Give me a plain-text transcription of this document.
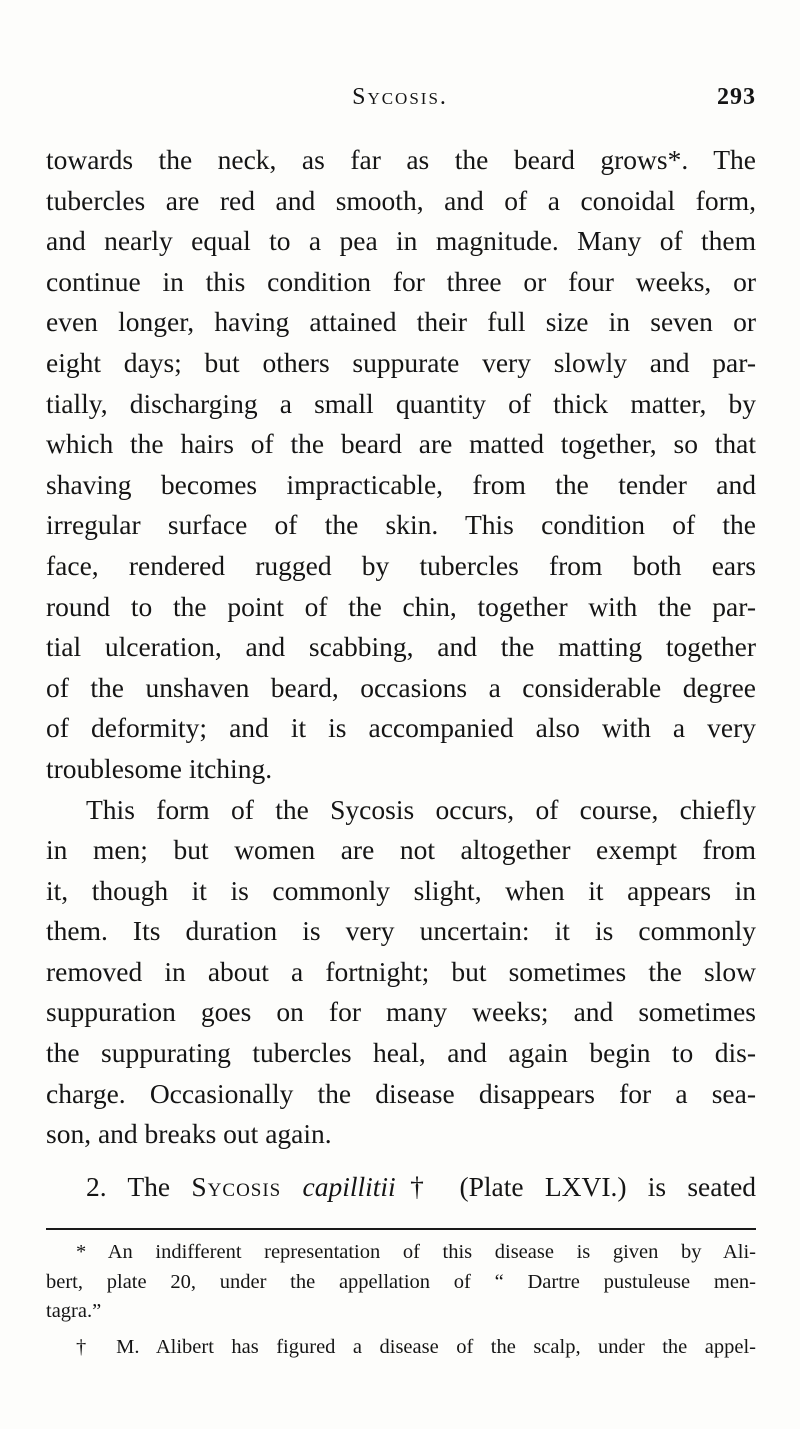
Sycosis.	293
towards the neck, as far as the beard grows*. The
tubercles are red and smooth, and of a conoidal form,
and nearly equal to a pea in magnitude. Many of them
continue in this condition for three or four weeks, or
even longer, having attained their full size in seven or
eight days; but others suppurate very slowly and par-
tially, discharging a small quantity of thick matter, by
which the hairs of the beard are matted together, so that
shaving becomes impracticable, from the tender and
irregular surface of the skin. This condition of the
face, rendered rugged by tubercles from both ears
round to the point of the chin, together with the par-
tial ulceration, and scabbing, and the matting together
of the unshaven beard, occasions a considerable degree
of deformity; and it is accompanied also with a very
troublesome itching.
This form of the Sycosis occurs, of course, chiefly
in men; but women are not altogether exempt from
it, though it is commonly slight, when it appears in
them. Its duration is very uncertain: it is commonly
removed in about a fortnight; but sometimes the slow
suppuration goes on for many weeks; and sometimes
the suppurating tubercles heal, and again begin to dis-
charge. Occasionally the disease disappears for a sea-
son, and breaks out again.
2. The Sycosis capillitii† (Plate LXVI.) is seated
* An indifferent representation of this disease is given by Ali-
bert, plate 20, under the appellation of “ Dartre pustuleuse men-
tagra.”
† M. Alibert has figured a disease of the scalp, under the appel-
